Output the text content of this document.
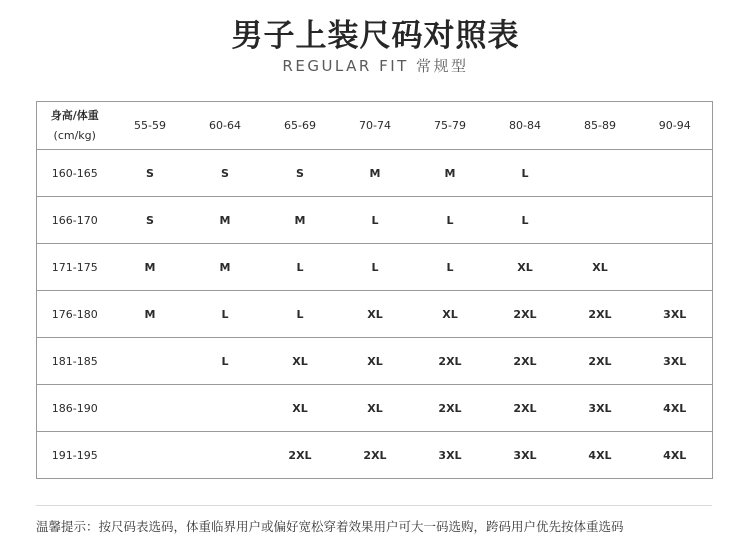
男子上装尺码对照表
REGULAR FIT 常规型
身高/体重
(cm/kg)	55-59	60-64	65-69	70-74	75-79	80-84	85-89	90-94
160-165	S	S	S	M	M	L		
166-170	S	M	M	L	L	L		
171-175	M	M	L	L	L	XL	XL	
176-180	M	L	L	XL	XL	2XL	2XL	3XL
181-185		L	XL	XL	2XL	2XL	2XL	3XL
186-190			XL	XL	2XL	2XL	3XL	4XL
191-195			2XL	2XL	3XL	3XL	4XL	4XL
温馨提示：按尺码表选码，体重临界用户或偏好宽松穿着效果用户可大一码选购，跨码用户优先按体重选码
